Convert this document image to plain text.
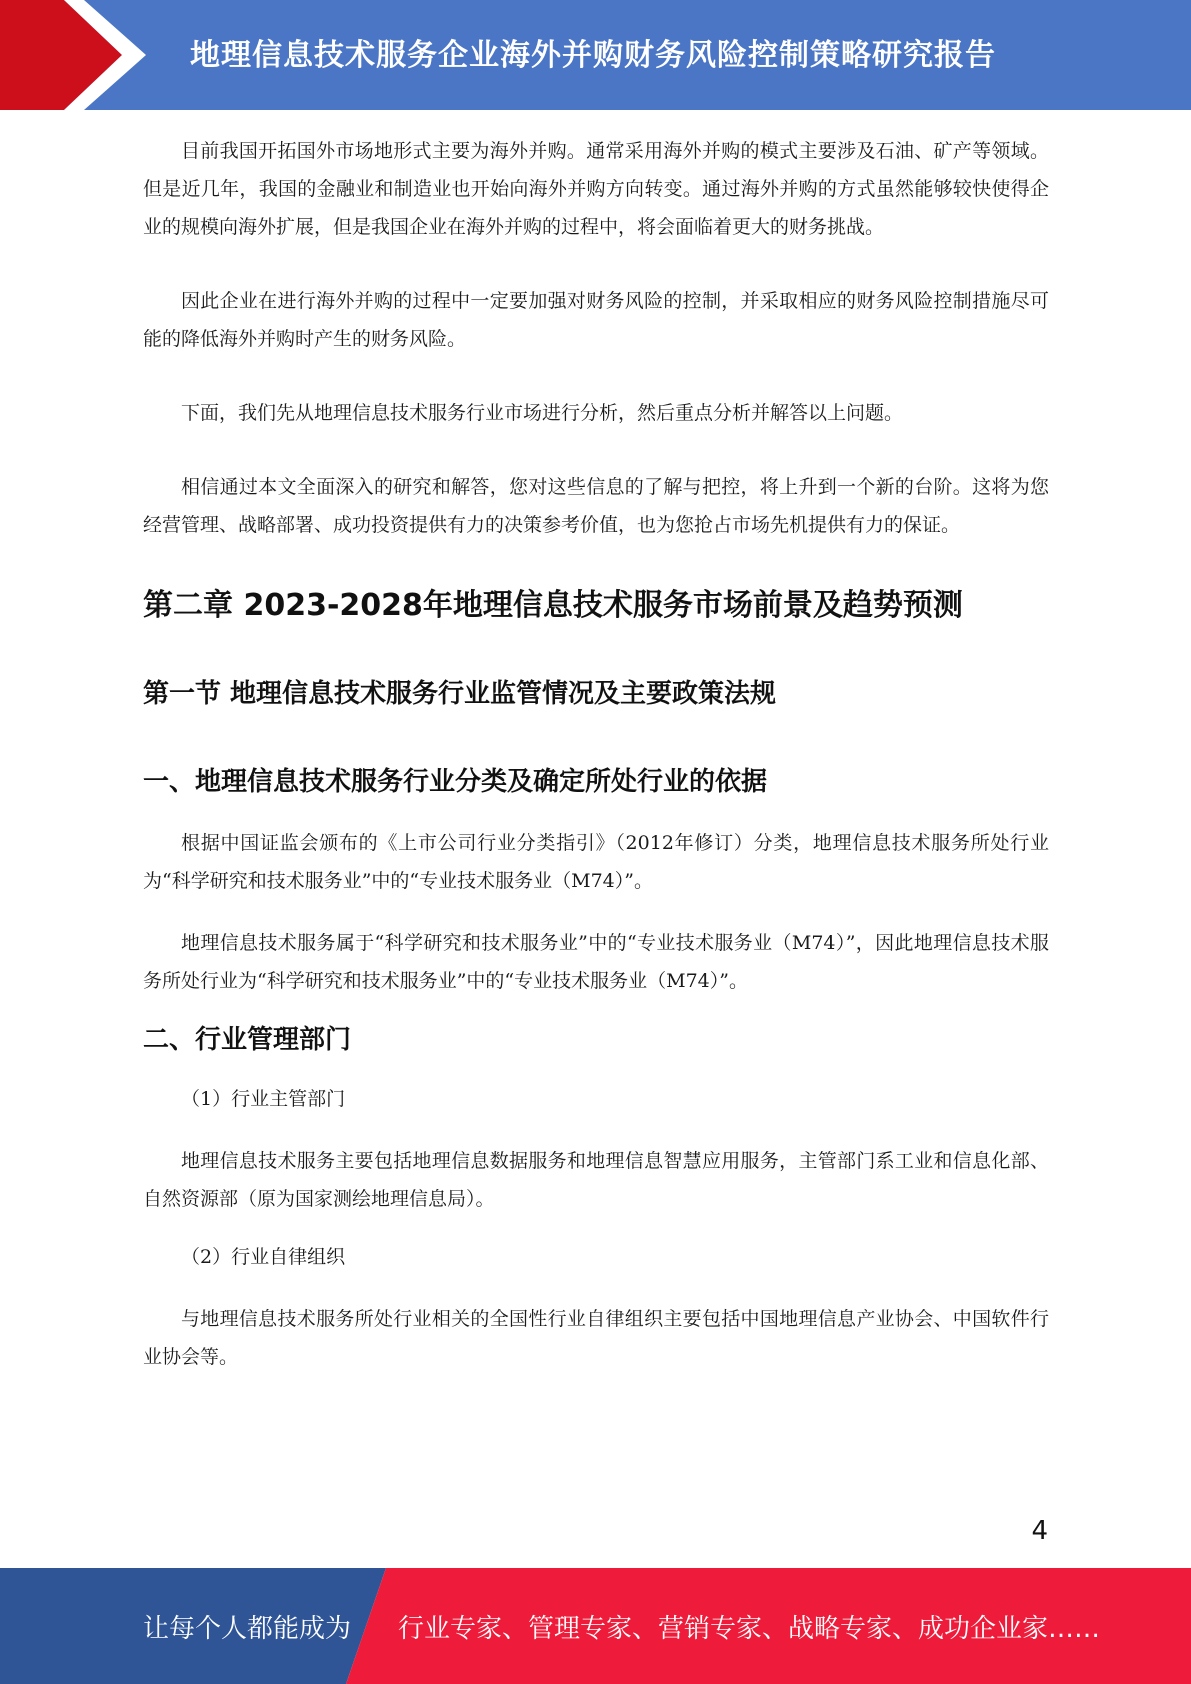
地理信息技术服务企业海外并购财务风险控制策略研究报告

目前我国开拓国外市场地形式主要为海外并购。通常采用海外并购的模式主要涉及石油、矿产等领域。但是近几年，我国的金融业和制造业也开始向海外并购方向转变。通过海外并购的方式虽然能够较快使得企业的规模向海外扩展，但是我国企业在海外并购的过程中，将会面临着更大的财务挑战。

因此企业在进行海外并购的过程中一定要加强对财务风险的控制，并采取相应的财务风险控制措施尽可能的降低海外并购时产生的财务风险。

下面，我们先从地理信息技术服务行业市场进行分析，然后重点分析并解答以上问题。

相信通过本文全面深入的研究和解答，您对这些信息的了解与把控，将上升到一个新的台阶。这将为您经营管理、战略部署、成功投资提供有力的决策参考价值，也为您抢占市场先机提供有力的保证。

第二章 2023-2028年地理信息技术服务市场前景及趋势预测
第一节 地理信息技术服务行业监管情况及主要政策法规
一、地理信息技术服务行业分类及确定所处行业的依据

根据中国证监会颁布的《上市公司行业分类指引》（2012年修订）分类，地理信息技术服务所处行业为“科学研究和技术服务业”中的“专业技术服务业（M74）”。

地理信息技术服务属于“科学研究和技术服务业”中的“专业技术服务业（M74）”，因此地理信息技术服务所处行业为“科学研究和技术服务业”中的“专业技术服务业（M74）”。

二、行业管理部门

（1）行业主管部门

地理信息技术服务主要包括地理信息数据服务和地理信息智慧应用服务，主管部门系工业和信息化部、自然资源部（原为国家测绘地理信息局）。

（2）行业自律组织

与地理信息技术服务所处行业相关的全国性行业自律组织主要包括中国地理信息产业协会、中国软件行业协会等。

4
让每个人都能成为 行业专家、管理专家、营销专家、战略专家、成功企业家……
